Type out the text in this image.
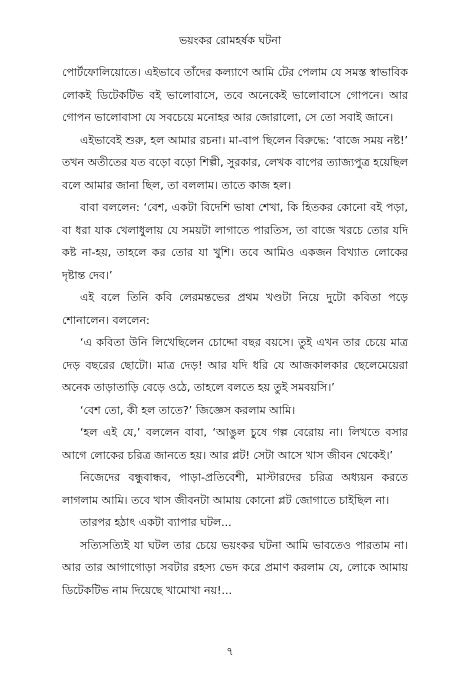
ভয়ংকর রোমহর্ষক ঘটনা

পোর্টফোলিয়োতে। এইভাবে তাঁদের কল্যাণে আমি টের পেলাম যে সমস্ত স্বাভাবিক লোকই ডিটেকটিভ বই ভালোবাসে, তবে অনেকেই ভালোবাসে গোপনে। আর গোপন ভালোবাসা যে সবচেয়ে মনোহর আর জোরালো, সে তো সবাই জানে।

এইভাবেই শুরু, হল আমার রচনা। মা-বাপ ছিলেন বিরুদ্ধে: ‘বাজে সময় নষ্ট!’ তখন অতীতের যত বড়ো বড়ো শিল্পী, সুরকার, লেখক বাপের ত্যাজ্যপুত্র হয়েছিল বলে আমার জানা ছিল, তা বললাম। তাতে কাজ হল।

বাবা বললেন: ‘বেশ, একটা বিদেশি ভাষা শেখা, কি হিতকর কোনো বই পড়া, বা ধরা যাক খেলাধুলায় যে সময়টা লাগাতে পারতিস, তা বাজে খরচে তোর যদি কষ্ট না-হয়, তাহলে কর তোর যা খুশি। তবে আমিও একজন বিখ্যাত লোকের দৃষ্টান্ত দেব।’

এই বলে তিনি কবি লেরমন্তভের প্রথম খণ্ডটা নিয়ে দুটো কবিতা পড়ে শোনালেন। বললেন:

‘এ কবিতা উনি লিখেছিলেন চোদ্দো বছর বয়সে। তুই এখন তার চেয়ে মাত্র দেড় বছরের ছোটো। মাত্র দেড়! আর যদি ধরি যে আজকালকার ছেলেমেয়েরা অনেক তাড়াতাড়ি বেড়ে ওঠে, তাহলে বলতে হয় তুই সমবয়সি।’

‘বেশ তো, কী হল তাতে?’ জিজ্ঞেস করলাম আমি।

‘হল এই যে,’ বললেন বাবা, ‘আঙুল চুষে গল্প বেরোয় না। লিখতে বসার আগে লোকের চরিত্র জানতে হয়। আর প্লট! সেটা আসে খাস জীবন থেকেই।’

নিজেদের বন্ধুবান্ধব, পাড়া-প্রতিবেশী, মাস্টারদের চরিত্র অধ্যয়ন করতে লাগলাম আমি। তবে খাস জীবনটা আমায় কোনো প্লট জোগাতে চাইছিল না।

তারপর হঠাৎ একটা ব্যাপার ঘটল...

সত্যিসত্যিই যা ঘটল তার চেয়ে ভয়ংকর ঘটনা আমি ভাবতেও পারতাম না। আর তার আগাগোড়া সবটার রহস্য ভেদ করে প্রমাণ করলাম যে, লোকে আমায় ডিটেকটিভ নাম দিয়েছে খামোখা নয়!...

৭
